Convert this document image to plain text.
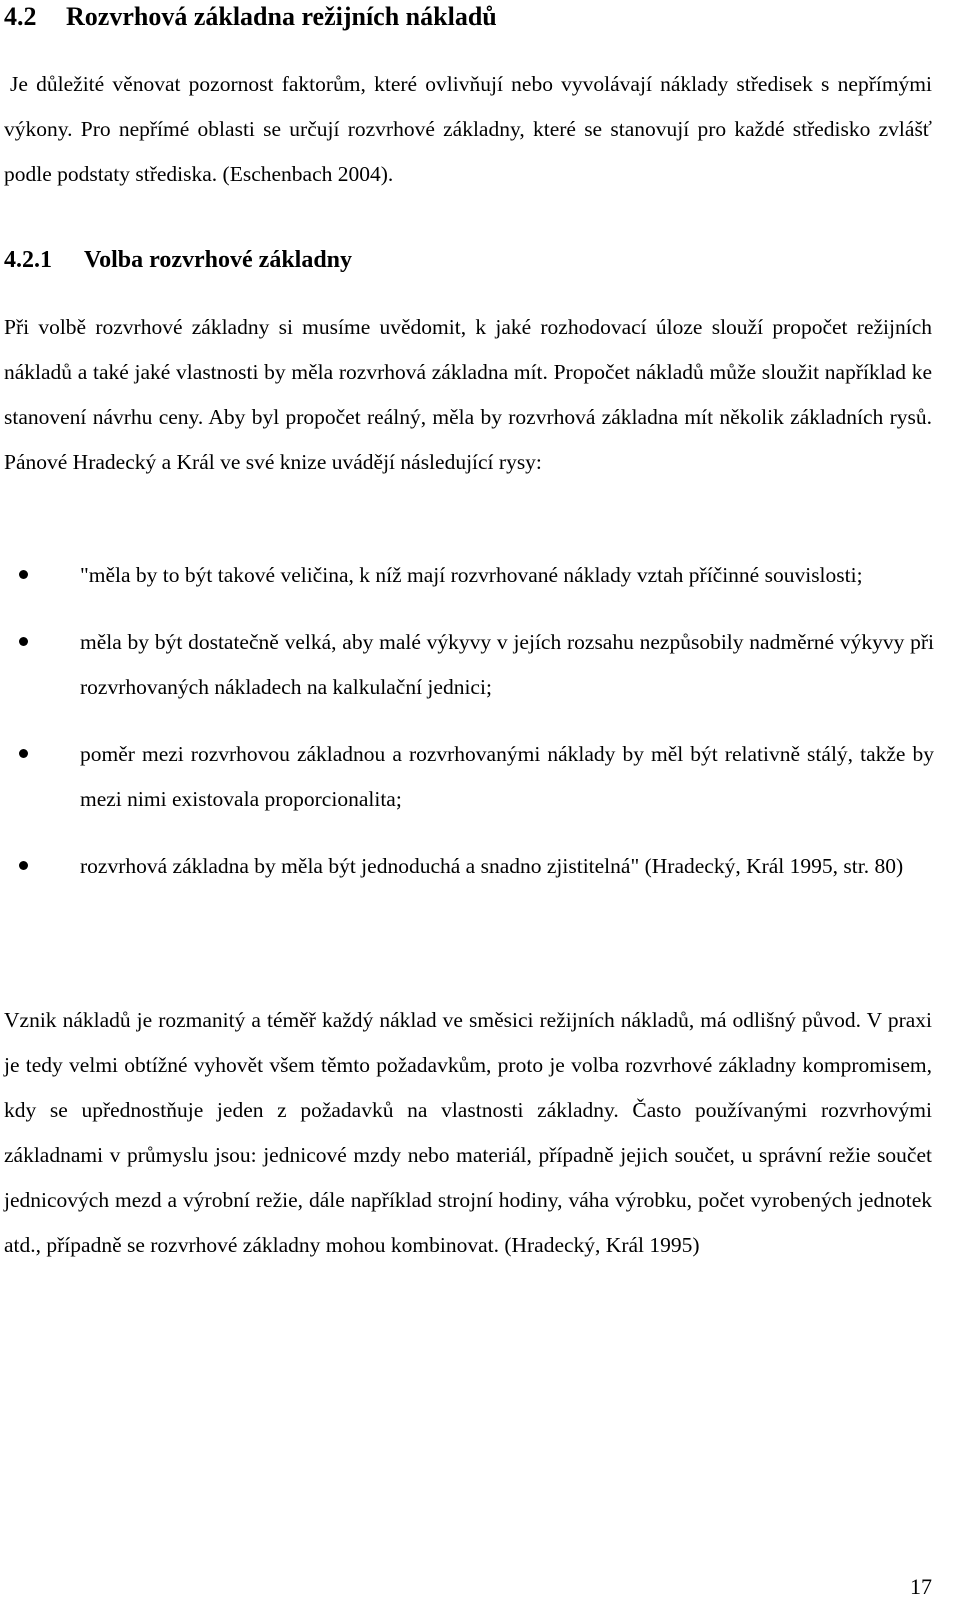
4.2 Rozvrhová základna režijních nákladů

Je důležité věnovat pozornost faktorům, které ovlivňují nebo vyvolávají náklady středisek s nepřímými výkony. Pro nepřímé oblasti se určují rozvrhové základny, které se stanovují pro každé středisko zvlášť podle podstaty střediska. (Eschenbach 2004).

4.2.1 Volba rozvrhové základny

Při volbě rozvrhové základny si musíme uvědomit, k jaké rozhodovací úloze slouží propočet režijních nákladů a také jaké vlastnosti by měla rozvrhová základna mít. Propočet nákladů může sloužit například ke stanovení návrhu ceny. Aby byl propočet reálný, měla by rozvrhová základna mít několik základních rysů. Pánové Hradecký a Král ve své knize uvádějí následující rysy:

"měla by to být takové veličina, k níž mají rozvrhované náklady vztah příčinné souvislosti;
měla by být dostatečně velká, aby malé výkyvy v jejích rozsahu nezpůsobily nadměrné výkyvy při rozvrhovaných nákladech na kalkulační jednici;
poměr mezi rozvrhovou základnou a rozvrhovanými náklady by měl být relativně stálý, takže by mezi nimi existovala proporcionalita;
rozvrhová základna by měla být jednoduchá a snadno zjistitelná" (Hradecký, Král 1995, str. 80)

Vznik nákladů je rozmanitý a téměř každý náklad ve směsici režijních nákladů, má odlišný původ. V praxi je tedy velmi obtížné vyhovět všem těmto požadavkům, proto je volba rozvrhové základny kompromisem, kdy se upřednostňuje jeden z požadavků na vlastnosti základny. Často používanými rozvrhovými základnami v průmyslu jsou: jednicové mzdy nebo materiál, případně jejich součet, u správní režie součet jednicových mezd a výrobní režie, dále například strojní hodiny, váha výrobku, počet vyrobených jednotek atd., případně se rozvrhové základny mohou kombinovat. (Hradecký, Král 1995)

17
